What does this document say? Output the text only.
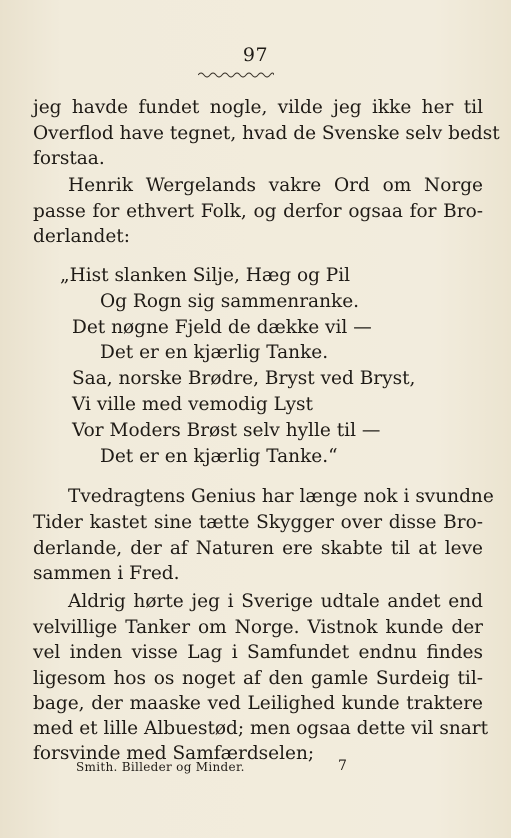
97
jeg havde fundet nogle, vilde jeg ikke her til
Overflod have tegnet, hvad de Svenske selv bedst
forstaa.
Henrik Wergelands vakre Ord om Norge
passe for ethvert Folk, og derfor ogsaa for Bro-
derlandet:
„Hist slanken Silje, Hæg og Pil
Og Rogn sig sammenranke.
Det nøgne Fjeld de dække vil —
Det er en kjærlig Tanke.
Saa, norske Brødre, Bryst ved Bryst,
Vi ville med vemodig Lyst
Vor Moders Brøst selv hylle til —
Det er en kjærlig Tanke.“
Tvedragtens Genius har længe nok i svundne
Tider kastet sine tætte Skygger over disse Bro-
derlande, der af Naturen ere skabte til at leve
sammen i Fred.
Aldrig hørte jeg i Sverige udtale andet end
velvillige Tanker om Norge. Vistnok kunde der
vel inden visse Lag i Samfundet endnu findes
ligesom hos os noget af den gamle Surdeig til-
bage, der maaske ved Leilighed kunde traktere
med et lille Albuestød; men ogsaa dette vil snart
forsvinde med Samfærdselen;
Smith. Billeder og Minder.	7
